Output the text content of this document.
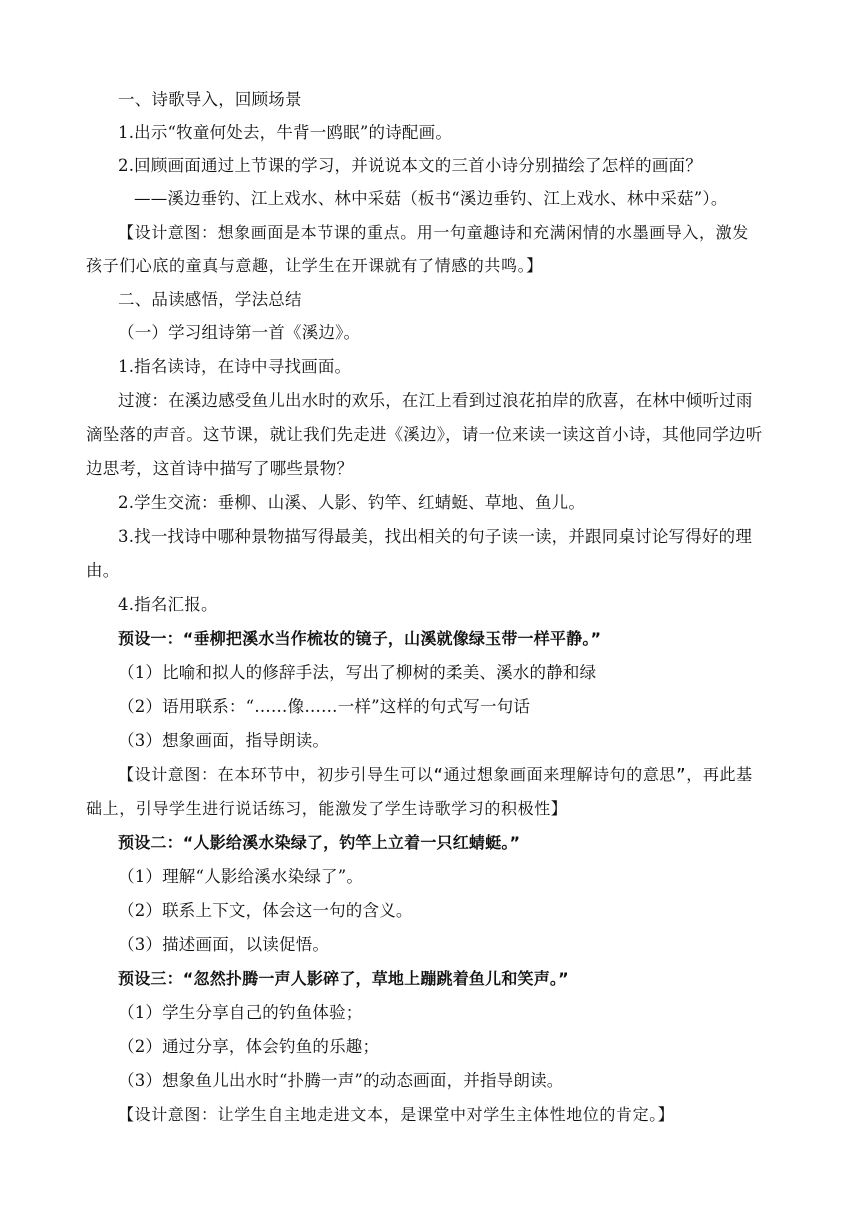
一、诗歌导入，回顾场景
1.出示“牧童何处去，牛背一鸥眠”的诗配画。
2.回顾画面通过上节课的学习，并说说本文的三首小诗分别描绘了怎样的画面？
——溪边垂钓、江上戏水、林中采菇（板书“溪边垂钓、江上戏水、林中采菇”）。
【设计意图：想象画面是本节课的重点。用一句童趣诗和充满闲情的水墨画导入，激发
孩子们心底的童真与意趣，让学生在开课就有了情感的共鸣。】
二、品读感悟，学法总结
（一）学习组诗第一首《溪边》。
1.指名读诗，在诗中寻找画面。
过渡：在溪边感受鱼儿出水时的欢乐，在江上看到过浪花拍岸的欣喜，在林中倾听过雨
滴坠落的声音。这节课，就让我们先走进《溪边》，请一位来读一读这首小诗，其他同学边听
边思考，这首诗中描写了哪些景物？
2.学生交流：垂柳、山溪、人影、钓竿、红蜻蜓、草地、鱼儿。
3.找一找诗中哪种景物描写得最美，找出相关的句子读一读，并跟同桌讨论写得好的理
由。
4.指名汇报。
预设一：“垂柳把溪水当作梳妆的镜子，山溪就像绿玉带一样平静。”
（1）比喻和拟人的修辞手法，写出了柳树的柔美、溪水的静和绿
（2）语用联系：“……像……一样”这样的句式写一句话
（3）想象画面，指导朗读。
【设计意图：在本环节中，初步引导生可以“通过想象画面来理解诗句的意思”，再此基
础上，引导学生进行说话练习，能激发了学生诗歌学习的积极性】
预设二：“人影给溪水染绿了，钓竿上立着一只红蜻蜓。”
（1）理解“人影给溪水染绿了”。
（2）联系上下文，体会这一句的含义。
（3）描述画面，以读促悟。
预设三：“忽然扑腾一声人影碎了，草地上蹦跳着鱼儿和笑声。”
（1）学生分享自己的钓鱼体验；
（2）通过分享，体会钓鱼的乐趣；
（3）想象鱼儿出水时“扑腾一声”的动态画面，并指导朗读。
【设计意图：让学生自主地走进文本，是课堂中对学生主体性地位的肯定。】
